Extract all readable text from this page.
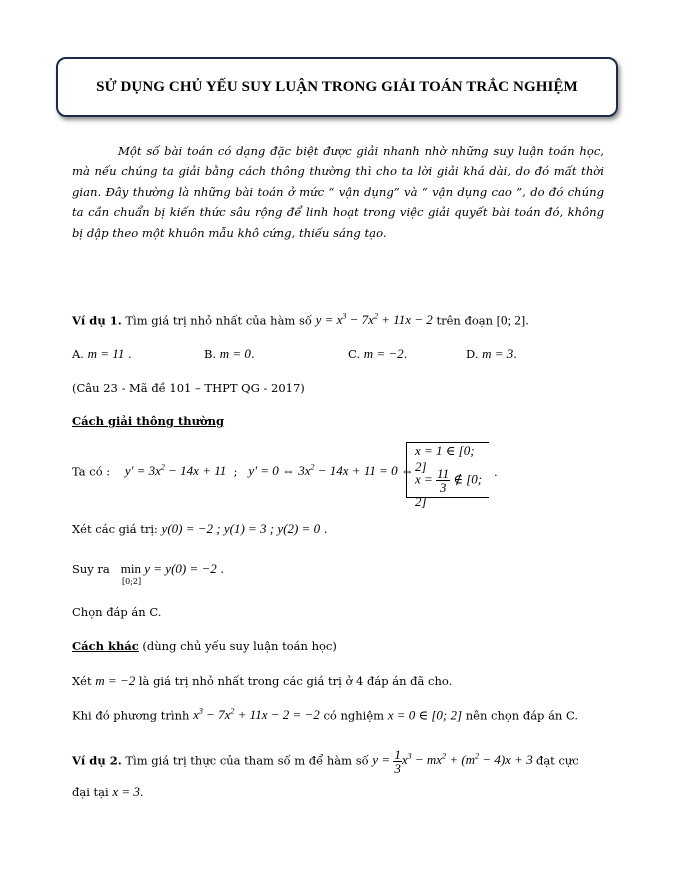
SỬ DỤNG CHỦ YẾU SUY LUẬN TRONG GIẢI TOÁN TRẮC NGHIỆM
Một số bài toán có dạng đặc biệt được giải nhanh nhờ những suy luận toán học, mà nếu chúng ta giải bằng cách thông thường thì cho ta lời giải khá dài, do đó mất thời gian. Đây thường là những bài toán ở mức “ vận dụng” và “ vận dụng cao ”, do đó chúng ta cần chuẩn bị kiến thức sâu rộng để linh hoạt trong việc giải quyết bài toán đó, không bị dập theo một khuôn mẫu khô cứng, thiếu sáng tạo.
Ví dụ 1. Tìm giá trị nhỏ nhất của hàm số $y = x^3 - 7x^2 + 11x - 2$ trên đoạn [0; 2].
A. m = 11 .	B. m = 0.	C. m = −2.	D. m = 3.
(Câu 23 - Mã đề 101 – THPT QG - 2017)
Cách giải thông thường
Ta có : $y' = 3x^2 - 14x + 11$ ; y' = 0 ⇔ $3x^2 - 14x + 11 = 0$ ⇔
x = 1 ∈ [0; 2]
$x = \frac{11}{3}$ ∉ [0; 2]
.
Xét các giá trị: y(0) = −2 ; y(1) = 3 ; y(2) = 0 .
Suy ra min y = y(0) = −2 .
[0;2]
Chọn đáp án C.
Cách khác (dùng chủ yếu suy luận toán học)
Xét m = −2 là giá trị nhỏ nhất trong các giá trị ở 4 đáp án đã cho.
Khi đó phương trình $x^3 - 7x^2 + 11x - 2 = -2$ có nghiệm x = 0 ∈ [0; 2] nên chọn đáp án C.
Ví dụ 2. Tìm giá trị thực của tham số m để hàm số $y = \frac{1}{3} x^3 - mx^2 + (m^2 - 4)x + 3$ đạt cực
đại tại x = 3.
